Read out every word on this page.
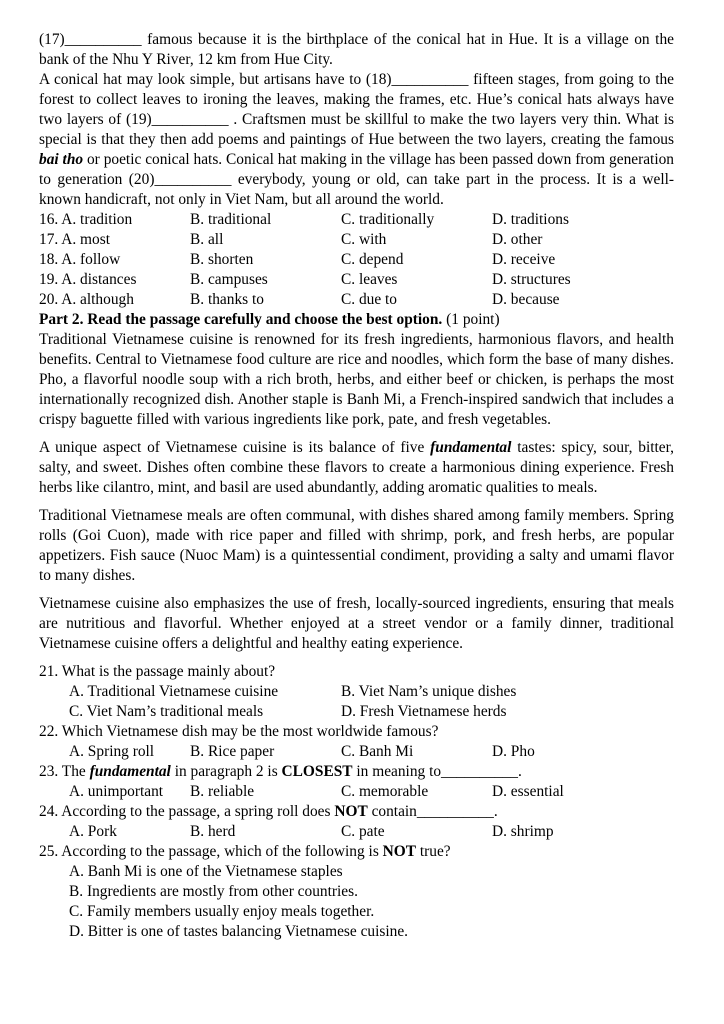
(17)__________ famous because it is the birthplace of the conical hat in Hue. It is a village on the bank of the Nhu Y River, 12 km from Hue City.

A conical hat may look simple, but artisans have to (18)__________ fifteen stages, from going to the forest to collect leaves to ironing the leaves, making the frames, etc. Hue’s conical hats always have two layers of (19)__________ . Craftsmen must be skillful to make the two layers very thin. What is special is that they then add poems and paintings of Hue between the two layers, creating the famous bai tho or poetic conical hats. Conical hat making in the village has been passed down from generation to generation (20)__________ everybody, young or old, can take part in the process. It is a well-known handicraft, not only in Viet Nam, but all around the world.

16. A. tradition	B. traditional	C. traditionally	D. traditions
17. A. most	B. all	C. with	D. other
18. A. follow	B. shorten	C. depend	D. receive
19. A. distances	B. campuses	C. leaves	D. structures
20. A. although	B. thanks to	C. due to	D. because

Part 2. Read the passage carefully and choose the best option. (1 point)

Traditional Vietnamese cuisine is renowned for its fresh ingredients, harmonious flavors, and health benefits. Central to Vietnamese food culture are rice and noodles, which form the base of many dishes. Pho, a flavorful noodle soup with a rich broth, herbs, and either beef or chicken, is perhaps the most internationally recognized dish. Another staple is Banh Mi, a French-inspired sandwich that includes a crispy baguette filled with various ingredients like pork, pate, and fresh vegetables.

A unique aspect of Vietnamese cuisine is its balance of five fundamental tastes: spicy, sour, bitter, salty, and sweet. Dishes often combine these flavors to create a harmonious dining experience. Fresh herbs like cilantro, mint, and basil are used abundantly, adding aromatic qualities to meals.

Traditional Vietnamese meals are often communal, with dishes shared among family members. Spring rolls (Goi Cuon), made with rice paper and filled with shrimp, pork, and fresh herbs, are popular appetizers. Fish sauce (Nuoc Mam) is a quintessential condiment, providing a salty and umami flavor to many dishes.

Vietnamese cuisine also emphasizes the use of fresh, locally-sourced ingredients, ensuring that meals are nutritious and flavorful. Whether enjoyed at a street vendor or a family dinner, traditional Vietnamese cuisine offers a delightful and healthy eating experience.

21. What is the passage mainly about?

A. Traditional Vietnamese cuisine	B. Viet Nam’s unique dishes
C. Viet Nam’s traditional meals	D. Fresh Vietnamese herds

22. Which Vietnamese dish may be the most worldwide famous?

A. Spring roll	B. Rice paper	C. Banh Mi	D. Pho

23. The fundamental in paragraph 2 is CLOSEST in meaning to__________.

A. unimportant	B. reliable	C. memorable	D. essential

24. According to the passage, a spring roll does NOT contain__________.

A. Pork	B. herd	C. pate	D. shrimp

25. According to the passage, which of the following is NOT true?

A. Banh Mi is one of the Vietnamese staples

B. Ingredients are mostly from other countries.

C. Family members usually enjoy meals together.

D. Bitter is one of tastes balancing Vietnamese cuisine.
